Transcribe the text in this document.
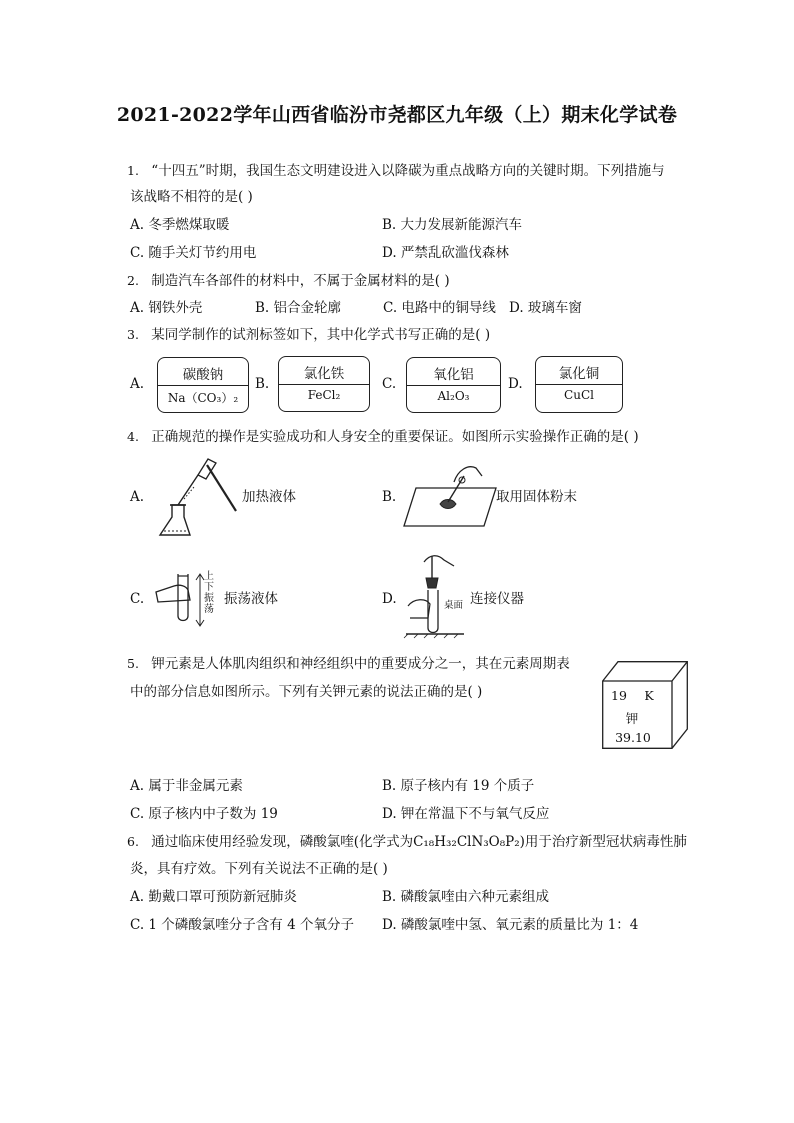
2021-2022学年山西省临汾市尧都区九年级（上）期末化学试卷
1. “十四五”时期，我国生态文明建设进入以降碳为重点战略方向的关键时期。下列措施与
该战略不相符的是( )
A. 冬季燃煤取暖	B. 大力发展新能源汽车
C. 随手关灯节约用电	D. 严禁乱砍滥伐森林
2. 制造汽车各部件的材料中，不属于金属材料的是( )
A. 钢铁外壳	B. 铝合金轮廓	C. 电路中的铜导线 D. 玻璃车窗
3. 某同学制作的试剂标签如下，其中化学式书写正确的是( )
A.
碳酸钠
Na（CO₃）₂
B.
氯化铁
FeCl₂
C.
氧化铝
Al₂O₃
D.
氯化铜
CuCl
4. 正确规范的操作是实验成功和人身安全的重要保证。如图所示实验操作正确的是( )
A.	加热液体	B.	取用固体粉末
C.
上下振荡
振荡液体	D.	桌面 连接仪器
5. 钾元素是人体肌肉组织和神经组织中的重要成分之一，其在元素周期表
中的部分信息如图所示。下列有关钾元素的说法正确的是( )	19	K
钾
39.10
A. 属于非金属元素	B. 原子核内有 19 个质子
C. 原子核内中子数为 19	D. 钾在常温下不与氧气反应
6. 通过临床使用经验发现，磷酸氯喹(化学式为C₁₈H₃₂ClN₃O₈P₂)用于治疗新型冠状病毒性肺
炎，具有疗效。下列有关说法不正确的是( )
A. 勤戴口罩可预防新冠肺炎	B. 磷酸氯喹由六种元素组成
C. 1 个磷酸氯喹分子含有 4 个氧分子 D. 磷酸氯喹中氢、氧元素的质量比为 1：4
